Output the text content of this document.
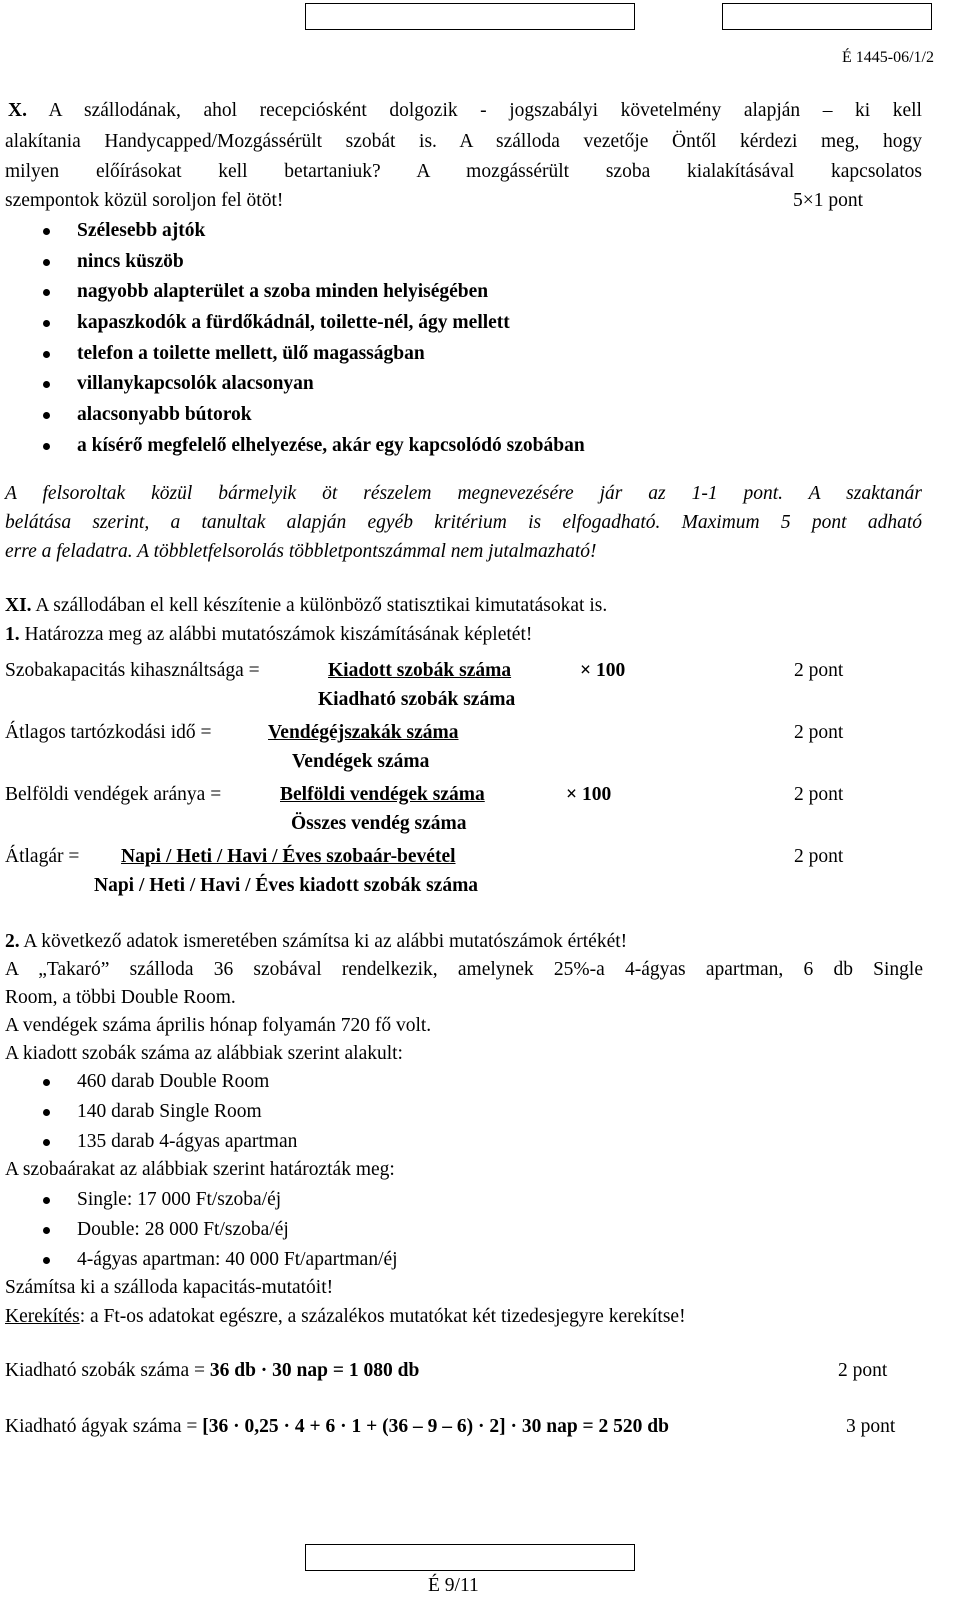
É 1445-06/1/2
X. A szállodának, ahol recepciósként dolgozik - jogszabályi követelmény alapján – ki kell
alakítania Handycapped/Mozgássérült szobát is. A szálloda vezetője Öntől kérdezi meg, hogy
milyen előírásokat kell betartaniuk? A mozgássérült szoba kialakításával kapcsolatos
szempontok közül soroljon fel ötöt!	5×1 pont
Szélesebb ajtók
nincs küszöb
nagyobb alapterület a szoba minden helyiségében
kapaszkodók a fürdőkádnál, toilette-nél, ágy mellett
telefon a toilette mellett, ülő magasságban
villanykapcsolók alacsonyan
alacsonyabb bútorok
a kísérő megfelelő elhelyezése, akár egy kapcsolódó szobában
A felsoroltak közül bármelyik öt részelem megnevezésére jár az 1-1 pont. A szaktanár
belátása szerint, a tanultak alapján egyéb kritérium is elfogadható. Maximum 5 pont adható
erre a feladatra. A többletfelsorolás többletpontszámmal nem jutalmazható!
XI. A szállodában el kell készítenie a különböző statisztikai kimutatásokat is.
1. Határozza meg az alábbi mutatószámok kiszámításának képletét!
Szobakapacitás kihasználtsága =	Kiadott szobák száma	× 100
Kiadható szobák száma
2 pont
Átlagos tartózkodási idő =	Vendégéjszakák száma
Vendégek száma
2 pont
Belföldi vendégek aránya =	Belföldi vendégek száma	× 100
Összes vendég száma
2 pont
Átlagár = Napi / Heti / Havi / Éves szobaár-bevétel
Napi / Heti / Havi / Éves kiadott szobák száma
2 pont
2. A következő adatok ismeretében számítsa ki az alábbi mutatószámok értékét!
A „Takaró” szálloda 36 szobával rendelkezik, amelynek 25%-a 4-ágyas apartman, 6 db Single
Room, a többi Double Room.
A vendégek száma április hónap folyamán 720 fő volt.
A kiadott szobák száma az alábbiak szerint alakult:
460 darab Double Room
140 darab Single Room
135 darab 4-ágyas apartman
A szobaárakat az alábbiak szerint határozták meg:
Single: 17 000 Ft/szoba/éj
Double: 28 000 Ft/szoba/éj
4-ágyas apartman: 40 000 Ft/apartman/éj
Számítsa ki a szálloda kapacitás-mutatóit!
Kerekítés: a Ft-os adatokat egészre, a százalékos mutatókat két tizedesjegyre kerekítse!
Kiadható szobák száma = 36 db · 30 nap = 1 080 db	2 pont
Kiadható ágyak száma = [36 · 0,25 · 4 + 6 · 1 + (36 – 9 – 6) · 2] · 30 nap = 2 520 db	3 pont
É 9/11
